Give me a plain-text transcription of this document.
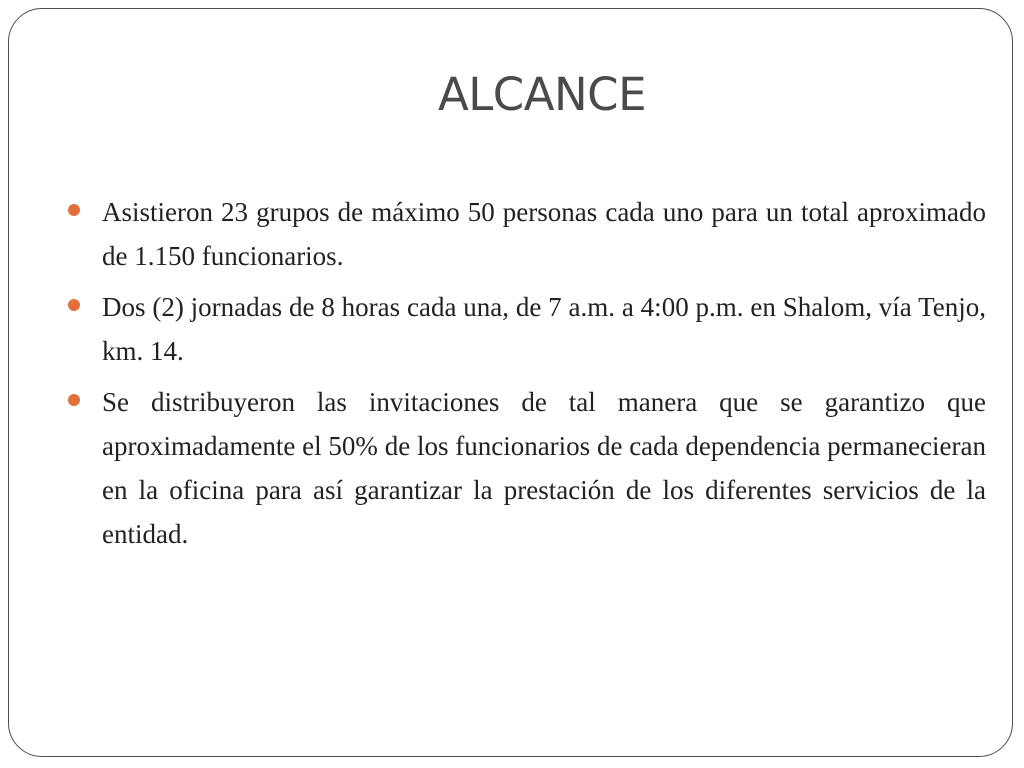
ALCANCE
Asistieron 23 grupos de máximo 50 personas cada uno para un total aproximado de 1.150 funcionarios.
Dos (2) jornadas de 8 horas cada una, de 7 a.m. a 4:00 p.m. en Shalom, vía Tenjo, km. 14.
Se distribuyeron las invitaciones de tal manera que se garantizo que aproximadamente el 50% de los funcionarios de cada dependencia permanecieran en la oficina para así garantizar la prestación de los diferentes servicios de la entidad.
